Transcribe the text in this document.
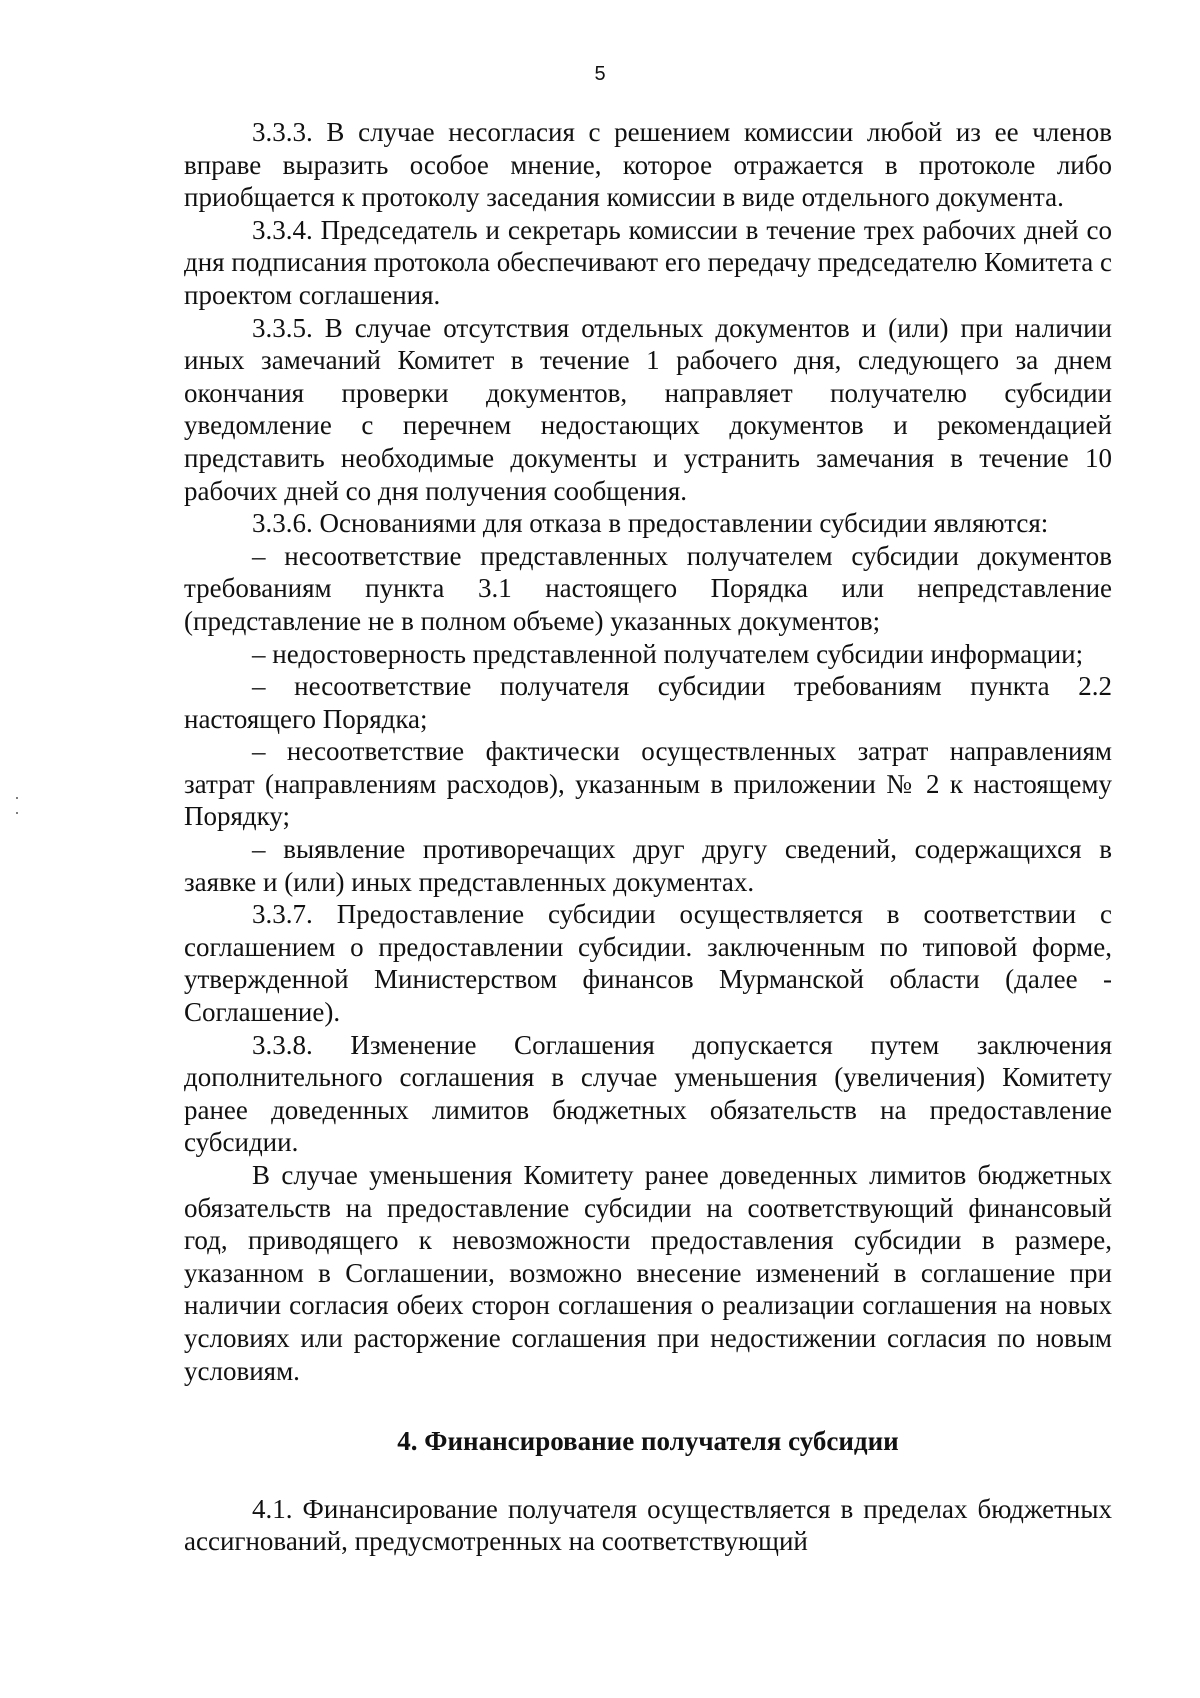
5

3.3.3. В случае несогласия с решением комиссии любой из ее членов вправе выразить особое мнение, которое отражается в протоколе либо приобщается к протоколу заседания комиссии в виде отдельного документа.

3.3.4. Председатель и секретарь комиссии в течение трех рабочих дней со дня подписания протокола обеспечивают его передачу председателю Комитета с проектом соглашения.

3.3.5. В случае отсутствия отдельных документов и (или) при наличии иных замечаний Комитет в течение 1 рабочего дня, следующего за днем окончания проверки документов, направляет получателю субсидии уведомление с перечнем недостающих документов и рекомендацией представить необходимые документы и устранить замечания в течение 10 рабочих дней со дня получения сообщения.

3.3.6. Основаниями для отказа в предоставлении субсидии являются:

– несоответствие представленных получателем субсидии документов требованиям пункта 3.1 настоящего Порядка или непредставление (представление не в полном объеме) указанных документов;

– недостоверность представленной получателем субсидии информации;

– несоответствие получателя субсидии требованиям пункта 2.2 настоящего Порядка;

– несоответствие фактически осуществленных затрат направлениям затрат (направлениям расходов), указанным в приложении № 2 к настоящему Порядку;

– выявление противоречащих друг другу сведений, содержащихся в заявке и (или) иных представленных документах.

3.3.7. Предоставление субсидии осуществляется в соответствии с соглашением о предоставлении субсидии. заключенным по типовой форме, утвержденной Министерством финансов Мурманской области (далее - Соглашение).

3.3.8. Изменение Соглашения допускается путем заключения дополнительного соглашения в случае уменьшения (увеличения) Комитету ранее доведенных лимитов бюджетных обязательств на предоставление субсидии.

В случае уменьшения Комитету ранее доведенных лимитов бюджетных обязательств на предоставление субсидии на соответствующий финансовый год, приводящего к невозможности предоставления субсидии в размере, указанном в Соглашении, возможно внесение изменений в соглашение при наличии согласия обеих сторон соглашения о реализации соглашения на новых условиях или расторжение соглашения при недостижении согласия по новым условиям.

4. Финансирование получателя субсидии

4.1. Финансирование получателя осуществляется в пределах бюджетных ассигнований, предусмотренных на соответствующий
